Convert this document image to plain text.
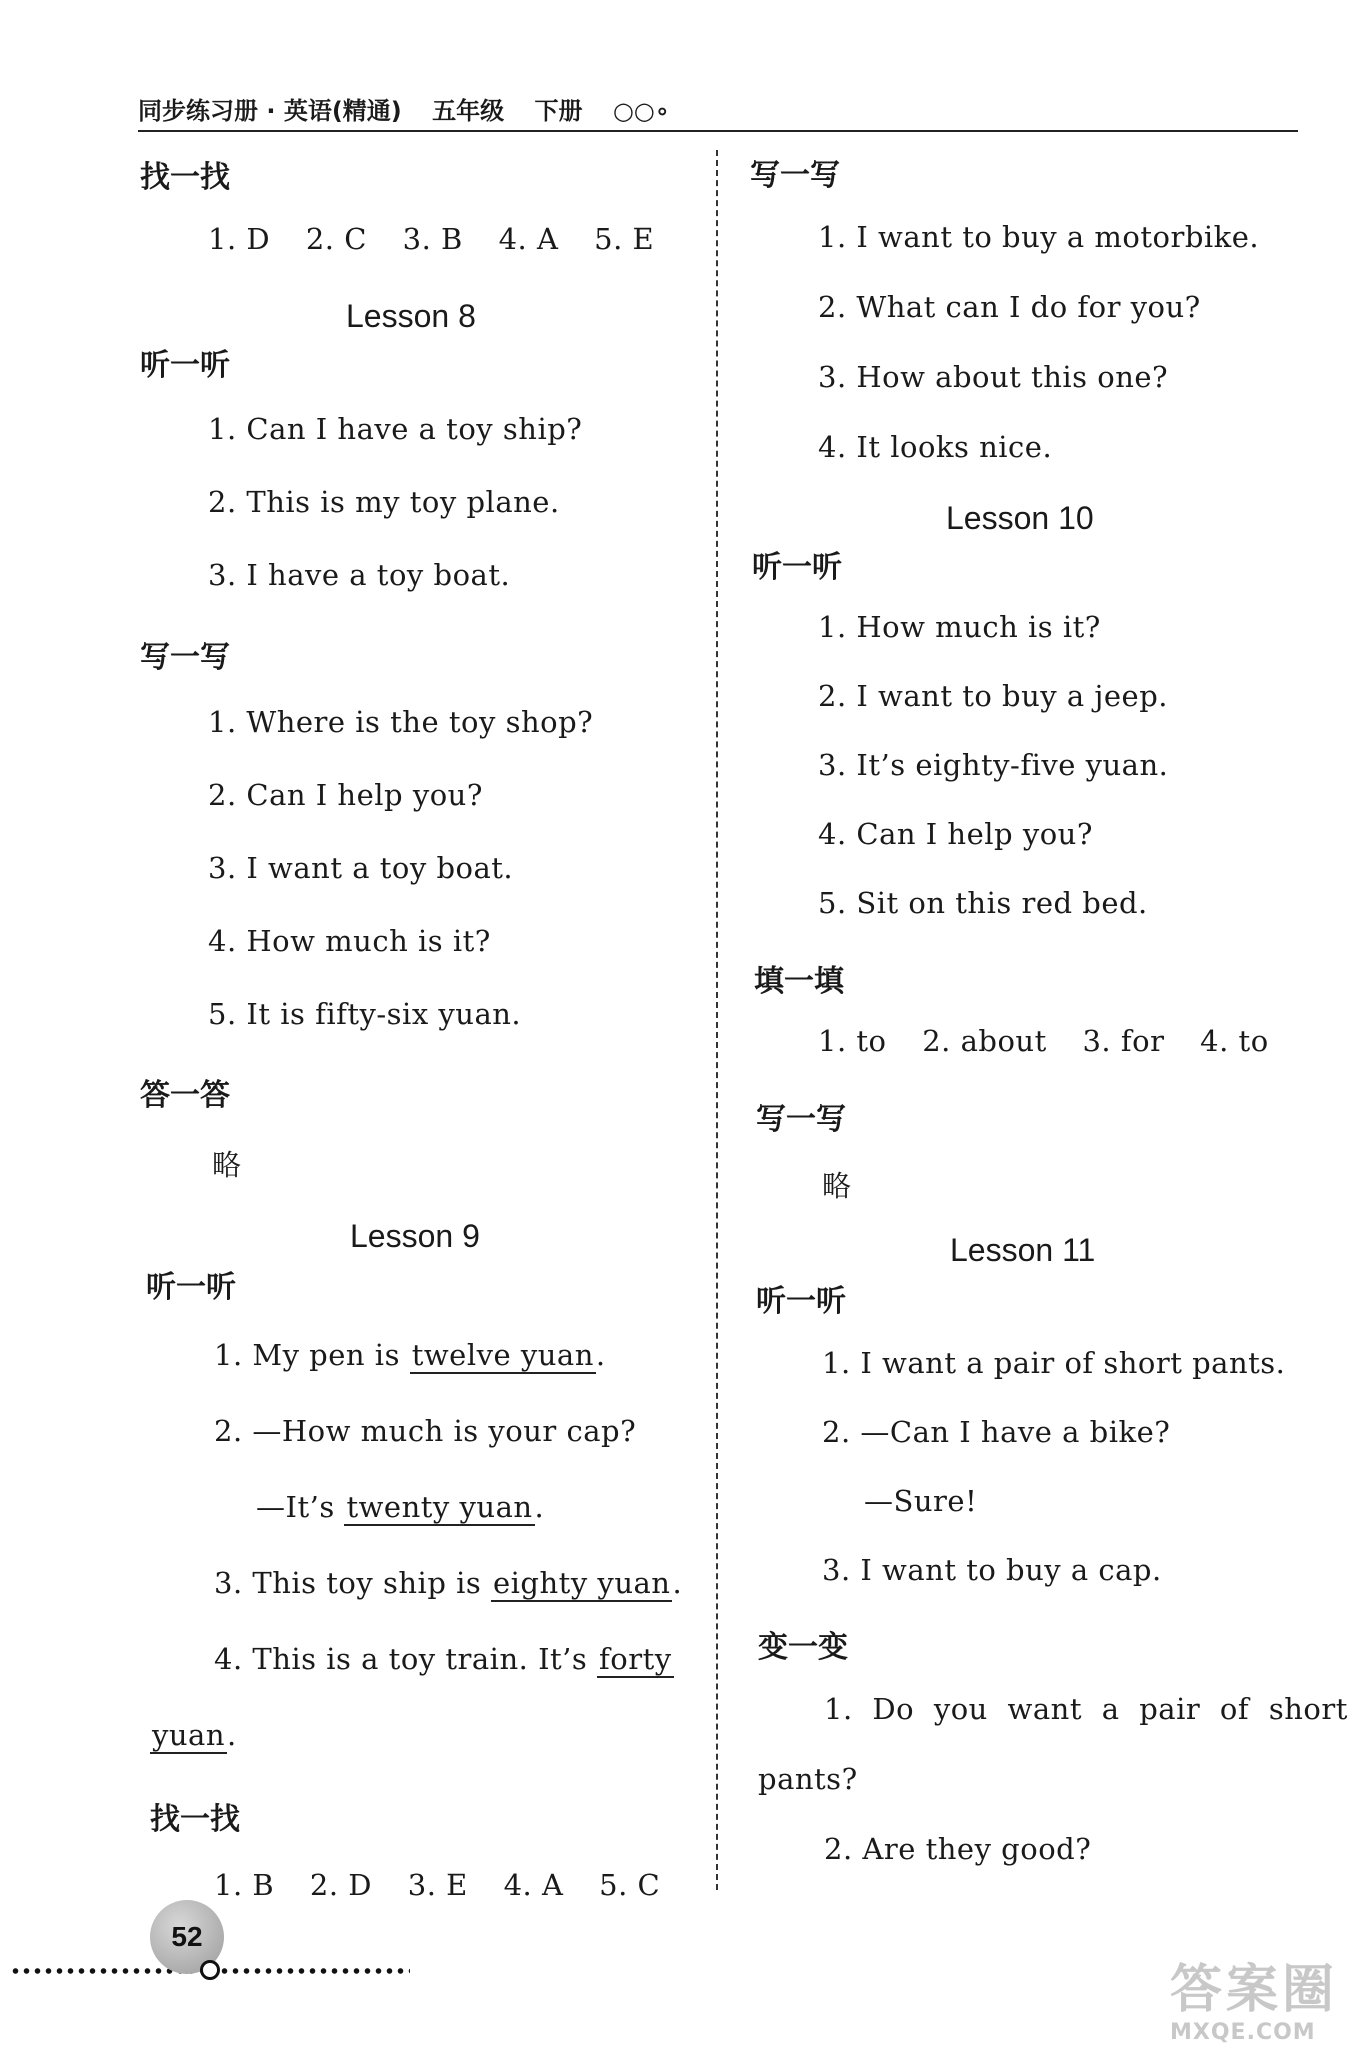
同步练习册 · 英语(精通) 五年级 下册 ○○∘
找一找
1. D 2. C 3. B 4. A 5. E
Lesson 8
听一听
1. Can I have a toy ship?
2. This is my toy plane.
3. I have a toy boat.
写一写
1. Where is the toy shop?
2. Can I help you?
3. I want a toy boat.
4. How much is it?
5. It is fifty-six yuan.
答一答
略
Lesson 9
听一听
1. My pen is twelve yuan.
2. —How much is your cap?
—It’s twenty yuan.
3. This toy ship is eighty yuan.
4. This is a toy train. It’s forty
yuan.
找一找
1. B 2. D 3. E 4. A 5. C
写一写
1. I want to buy a motorbike.
2. What can I do for you?
3. How about this one?
4. It looks nice.
Lesson 10
听一听
1. How much is it?
2. I want to buy a jeep.
3. It’s eighty-five yuan.
4. Can I help you?
5. Sit on this red bed.
填一填
1. to 2. about 3. for 4. to
写一写
略
Lesson 11
听一听
1. I want a pair of short pants.
2. —Can I have a bike?
—Sure!
3. I want to buy a cap.
变一变
1. Do you want a pair of short
pants?
2. Are they good?
52
答案圈
MXQE.COM
